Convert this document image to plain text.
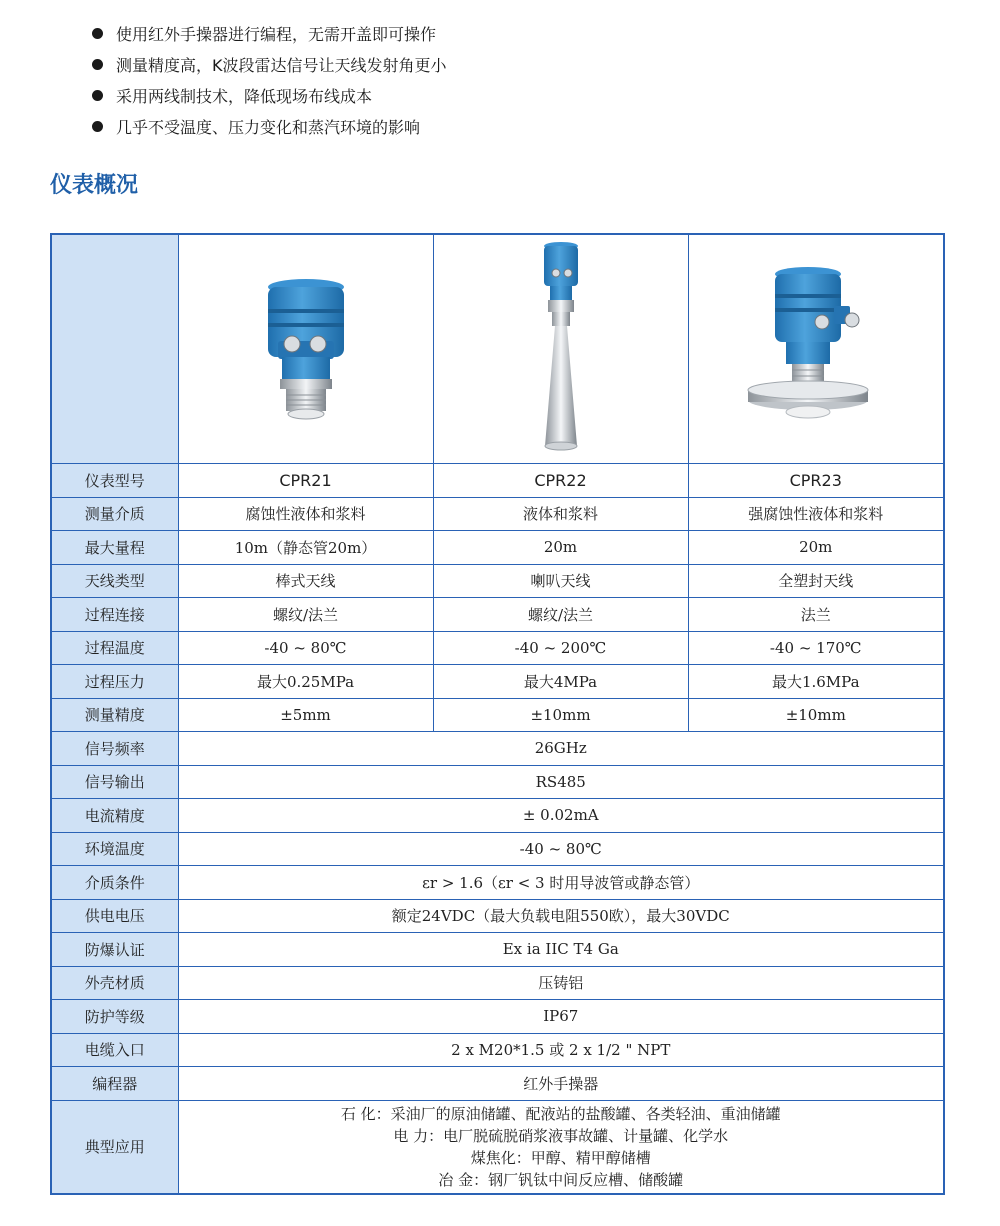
使用红外手操器进行编程，无需开盖即可操作
测量精度高，K波段雷达信号让天线发射角更小
采用两线制技术，降低现场布线成本
几乎不受温度、压力变化和蒸汽环境的影响
仪表概况

仪表型号	CPR21	CPR22	CPR23
测量介质	腐蚀性液体和浆料	液体和浆料	强腐蚀性液体和浆料
最大量程	10m（静态管20m）	20m	20m
天线类型	棒式天线	喇叭天线	全塑封天线
过程连接	螺纹/法兰	螺纹/法兰	法兰
过程温度	-40 ~ 80℃	-40 ~ 200℃	-40 ~ 170℃
过程压力	最大0.25MPa	最大4MPa	最大1.6MPa
测量精度	±5mm	±10mm	±10mm
信号频率	26GHz		
信号输出	RS485		
电流精度	± 0.02mA		
环境温度	-40 ~ 80℃		
介质条件	εr > 1.6（εr < 3 时用导波管或静态管）		
供电电压	额定24VDC（最大负载电阻550欧），最大30VDC		
防爆认证	Ex ia IIC T4 Ga		
外壳材质	压铸铝		
防护等级	IP67		
电缆入口	2 x M20*1.5 或 2 x 1/2 " NPT		
编程器	红外手操器		
典型应用	石 化：采油厂的原油储罐、配液站的盐酸罐、各类轻油、重油储罐
电 力：电厂脱硫脱硝浆液事故罐、计量罐、化学水
煤焦化：甲醇、精甲醇储槽
冶 金：钢厂钒钛中间反应槽、储酸罐		
